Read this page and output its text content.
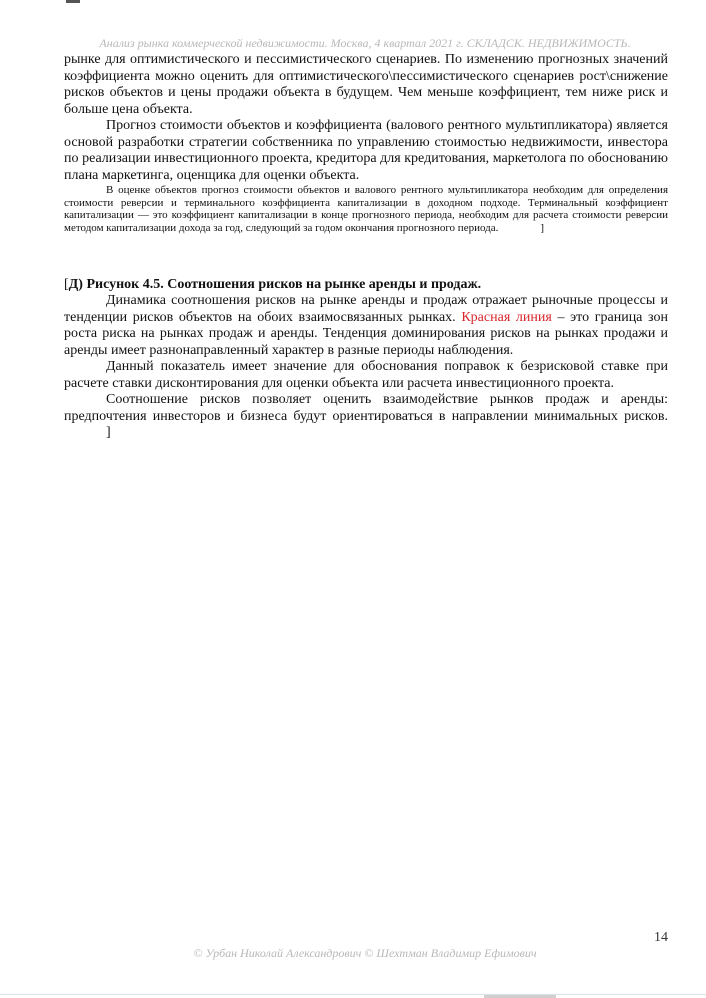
Анализ рынка коммерческой недвижимости. Москва, 4 квартал 2021 г. СКЛАДСК. НЕДВИЖИМОСТЬ.

рынке для оптимистического и пессимистического сценариев. По изменению прогнозных значений коэффициента можно оценить для оптимистического\пессимистического сценариев рост\снижение рисков объектов и цены продажи объекта в будущем. Чем меньше коэффициент, тем ниже риск и больше цена объекта.

Прогноз стоимости объектов и коэффициента (валового рентного мультипликатора) является основой разработки стратегии собственника по управлению стоимостью недвижимости, инвестора по реализации инвестиционного проекта, кредитора для кредитования, маркетолога по обоснованию плана маркетинга, оценщика для оценки объекта.

В оценке объектов прогноз стоимости объектов и валового рентного мультипликатора необходим для определения стоимости реверсии и терминального коэффициента капитализации в доходном подходе. Терминальный коэффициент капитализации — это коэффициент капитализации в конце прогнозного периода, необходим для расчета стоимости реверсии методом капитализации дохода за год, следующий за годом окончания прогнозного периода.	]

[Д) Рисунок 4.5. Соотношения рисков на рынке аренды и продаж.

Динамика соотношения рисков на рынке аренды и продаж отражает рыночные процессы и тенденции рисков объектов на обоих взаимосвязанных рынках. Красная линия – это граница зон роста риска на рынках продаж и аренды. Тенденция доминирования рисков на рынках продажи и аренды имеет разнонаправленный характер в разные периоды наблюдения.

Данный показатель имеет значение для обоснования поправок к безрисковой ставке при расчете ставки дисконтирования для оценки объекта или расчета инвестиционного проекта.

Соотношение рисков позволяет оценить взаимодействие рынков продаж и аренды: предпочтения инвесторов и бизнеса будут ориентироваться в направлении минимальных рисков.]

14
© Урбан Николай Александрович © Шехтман Владимир Ефимович
